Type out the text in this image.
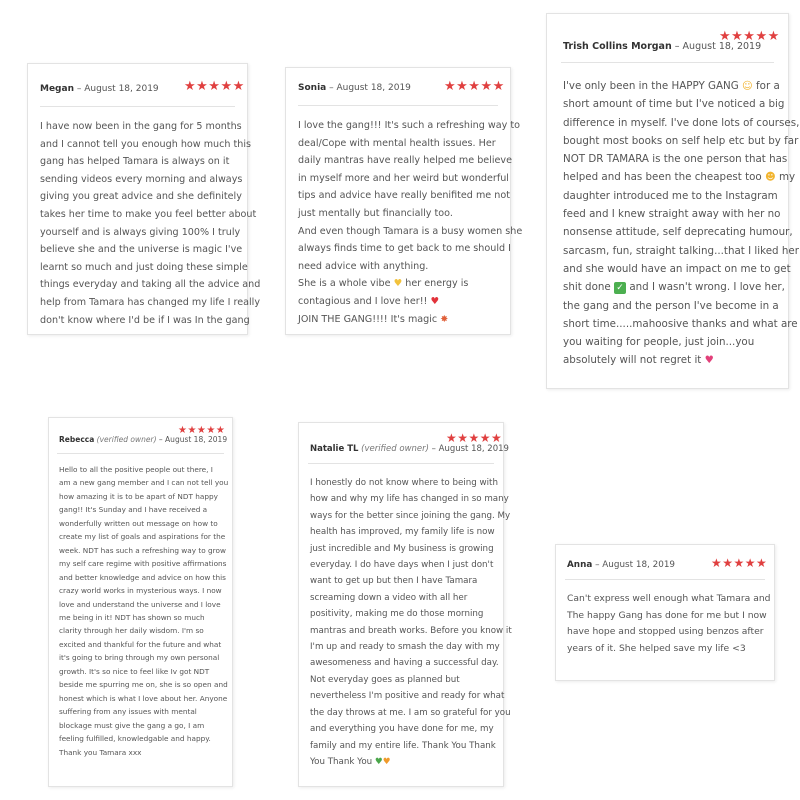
Megan – August 18, 2019 ★★★★★

I have now been in the gang for 5 months

and I cannot tell you enough how much this

gang has helped Tamara is always on it

sending videos every morning and always

giving you great advice and she definitely

takes her time to make you feel better about

yourself and is always giving 100% I truly

believe she and the universe is magic I've

learnt so much and just doing these simple

things everyday and taking all the advice and

help from Tamara has changed my life I really

don't know where I'd be if I was In the gang

Sonia – August 18, 2019	★★★★★

I love the gang!!! It's such a refreshing way to

deal/Cope with mental health issues. Her

daily mantras have really helped me believe

in myself more and her weird but wonderful

tips and advice have really benifited me not

just mentally but financially too.

And even though Tamara is a busy women she

always finds time to get back to me should I

need advice with anything.

She is a whole vibe ♥ her energy is

contagious and I love her!! ♥

JOIN THE GANG!!!! It's magic ✸

★★★★★
Trish Collins Morgan – August 18, 2019

I've only been in the HAPPY GANG ☺ for a

short amount of time but I've noticed a big

difference in myself. I've done lots of courses,

bought most books on self help etc but by far

NOT DR TAMARA is the one person that has

helped and has been the cheapest too ☻ my

daughter introduced me to the Instagram

feed and I knew straight away with her no

nonsense attitude, self deprecating humour,

sarcasm, fun, straight talking...that I liked her

and she would have an impact on me to get

shit done ✓ and I wasn't wrong. I love her,

the gang and the person I've become in a

short time.....mahoosive thanks and what are

you waiting for people, just join...you

absolutely will not regret it ♥

★★★★★
Rebecca (verified owner) – August 18, 2019

Hello to all the positive people out there, I

am a new gang member and I can not tell you

how amazing it is to be apart of NDT happy

gang!! It's Sunday and I have received a

wonderfully written out message on how to

create my list of goals and aspirations for the

week. NDT has such a refreshing way to grow

my self care regime with positive affirmations

and better knowledge and advice on how this

crazy world works in mysterious ways. I now

love and understand the universe and I love

me being in it! NDT has shown so much

clarity through her daily wisdom. I'm so

excited and thankful for the future and what

it's going to bring through my own personal

growth. It's so nice to feel like Iv got NDT

beside me spurring me on, she is so open and

honest which is what I love about her. Anyone

suffering from any issues with mental

blockage must give the gang a go, I am

feeling fulfilled, knowledgable and happy.

Thank you Tamara xxx

★★★★★
Natalie TL (verified owner) – August 18, 2019

I honestly do not know where to being with

how and why my life has changed in so many

ways for the better since joining the gang. My

health has improved, my family life is now

just incredible and My business is growing

everyday. I do have days when I just don't

want to get up but then I have Tamara

screaming down a video with all her

positivity, making me do those morning

mantras and breath works. Before you know it

I'm up and ready to smash the day with my

awesomeness and having a successful day.

Not everyday goes as planned but

nevertheless I'm positive and ready for what

the day throws at me. I am so grateful for you

and everything you have done for me, my

family and my entire life. Thank You Thank

You Thank You ♥♥

Anna – August 18, 2019	★★★★★

Can't express well enough what Tamara and

The happy Gang has done for me but I now

have hope and stopped using benzos after

years of it. She helped save my life <3
